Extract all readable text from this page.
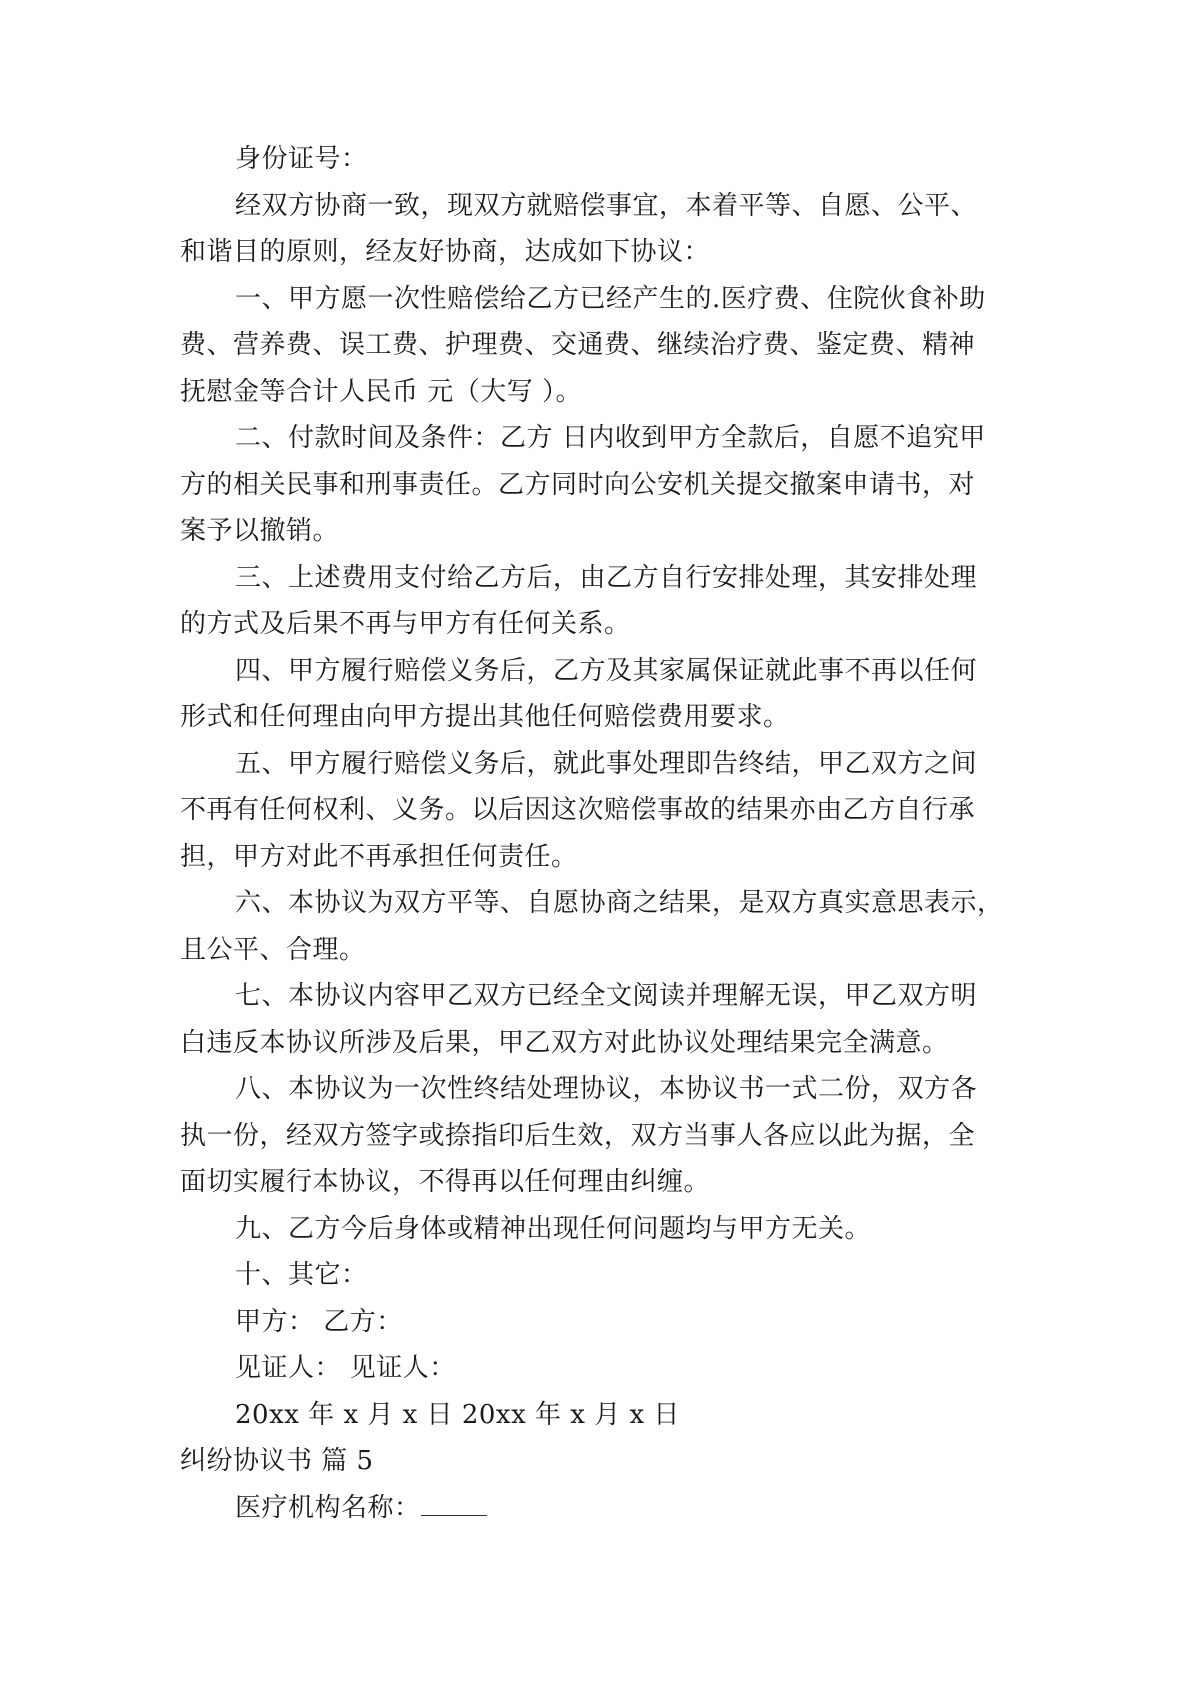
身份证号：
经双方协商一致，现双方就赔偿事宜，本着平等、自愿、公平、
和谐目的原则，经友好协商，达成如下协议：
一、甲方愿一次性赔偿给乙方已经产生的.医疗费、住院伙食补助
费、营养费、误工费、护理费、交通费、继续治疗费、鉴定费、精神
抚慰金等合计人民币 元（大写 ）。
二、付款时间及条件：乙方 日内收到甲方全款后，自愿不追究甲
方的相关民事和刑事责任。乙方同时向公安机关提交撤案申请书，对
案予以撤销。
三、上述费用支付给乙方后，由乙方自行安排处理，其安排处理
的方式及后果不再与甲方有任何关系。
四、甲方履行赔偿义务后，乙方及其家属保证就此事不再以任何
形式和任何理由向甲方提出其他任何赔偿费用要求。
五、甲方履行赔偿义务后，就此事处理即告终结，甲乙双方之间
不再有任何权利、义务。以后因这次赔偿事故的结果亦由乙方自行承
担，甲方对此不再承担任何责任。
六、本协议为双方平等、自愿协商之结果，是双方真实意思表示，
且公平、合理。
七、本协议内容甲乙双方已经全文阅读并理解无误，甲乙双方明
白违反本协议所涉及后果，甲乙双方对此协议处理结果完全满意。
八、本协议为一次性终结处理协议，本协议书一式二份，双方各
执一份，经双方签字或捺指印后生效，双方当事人各应以此为据，全
面切实履行本协议，不得再以任何理由纠缠。
九、乙方今后身体或精神出现任何问题均与甲方无关。
十、其它：
甲方： 乙方：
见证人： 见证人：
20xx 年 x 月 x 日 20xx 年 x 月 x 日
纠纷协议书 篇 5
医疗机构名称：
